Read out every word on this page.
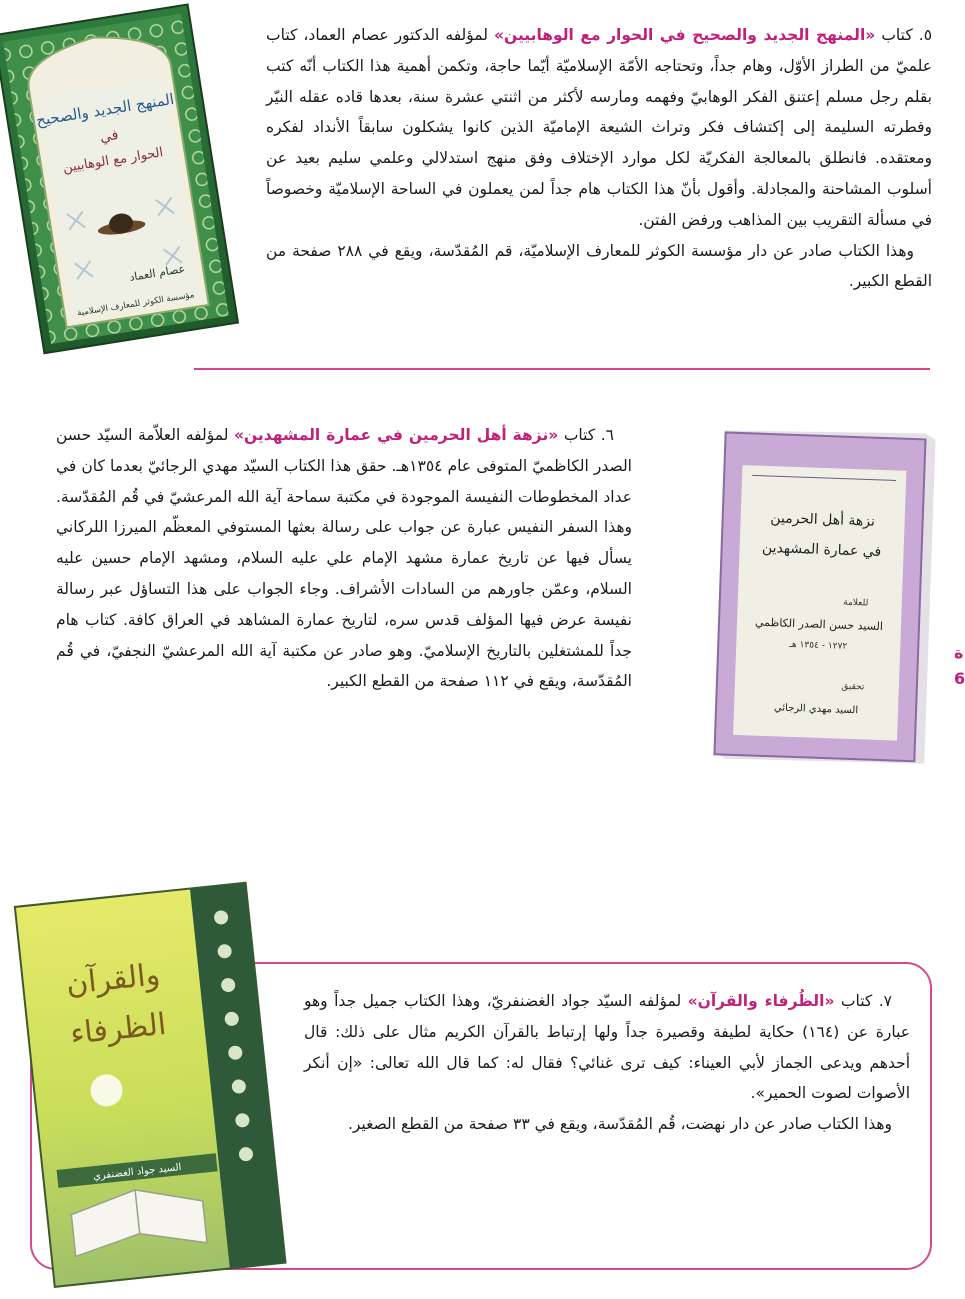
المنهج الجديد والصحيح
في
الحوار مع الوهابيين
عصام العماد
مؤسسة الكوثر للمعارف الإسلامية

٥. كتاب «المنهج الجديد والصحيح في الحوار مع الوهابيين» لمؤلفه الدكتور عصام العماد، كتاب علميّ من الطراز الأوّل، وهام جداً، وتحتاجه الأمّة الإسلاميّة أيّما حاجة، وتكمن أهمية هذا الكتاب أنّه كتب بقلم رجل مسلم إعتنق الفكر الوهابيّ وفهمه ومارسه لأكثر من اثنتي عشرة سنة، بعدها قاده عقله النيّر وفطرته السليمة إلى إكتشاف فكر وتراث الشيعة الإماميّة الذين كانوا يشكلون سابقاً الأنداد لفكره ومعتقده. فانطلق بالمعالجة الفكريّة لكل موارد الإختلاف وفق منهج استدلالي وعلمي سليم بعيد عن أسلوب المشاحنة والمجادلة. وأقول بأنّ هذا الكتاب هام جداً لمن يعملون في الساحة الإسلاميّة وخصوصاً في مسألة التقريب بين المذاهب ورفض الفتن.

وهذا الكتاب صادر عن دار مؤسسة الكوثر للمعارف الإسلاميّة، قم المُقدّسة، ويقع في ٢٨٨ صفحة من القطع الكبير.

نزهة أهل الحرمين
في عمارة المشهدين
للعلامة
السيد حسن الصدر الكاظمي
١٢٧٢ - ١٣٥٤ هـ
تحقيق
السيد مهدي الرجائي

٦. كتاب «نزهة أهل الحرمين في عمارة المشهدين» لمؤلفه العلاّمة السيّد حسن الصدر الكاظميّ المتوفى عام ١٣٥٤هـ. حقق هذا الكتاب السيّد مهدي الرجائيّ بعدما كان في عداد المخطوطات النفيسة الموجودة في مكتبة سماحة آية الله المرعشيّ في قُم المُقدّسة. وهذا السفر النفيس عبارة عن جواب على رسالة بعثها المستوفي المعظّم الميرزا اللركاني يسأل فيها عن تاريخ عمارة مشهد الإمام علي عليه السلام، ومشهد الإمام حسين عليه السلام، وعمّن جاورهم من السادات الأشراف. وجاء الجواب على هذا التساؤل عبر رسالة نفيسة عرض فيها المؤلف قدس سره، لتاريخ عمارة المشاهد في العراق كافة. كتاب هام جداً للمشتغلين بالتاريخ الإسلاميّ. وهو صادر عن مكتبة آية الله المرعشيّ النجفيّ، في قُم المُقدّسة، ويقع في ١١٢ صفحة من القطع الكبير.

ة
6
والقرآن
الظرفاء
السيد جواد الغضنفري

٧. كتاب «الظُرفاء والقرآن» لمؤلفه السيّد جواد الغضنفريّ، وهذا الكتاب جميل جداً وهو عبارة عن (١٦٤) حكاية لطيفة وقصيرة جداً ولها إرتباط بالقرآن الكريم مثال على ذلك: قال أحدهم ويدعى الجماز لأبي العيناء: كيف ترى غنائي؟ فقال له: كما قال الله تعالى: «إن أنكر الأصوات لصوت الحمير».

وهذا الكتاب صادر عن دار نهضت، قُم المُقدّسة، ويقع في ٣٣ صفحة من القطع الصغير.
